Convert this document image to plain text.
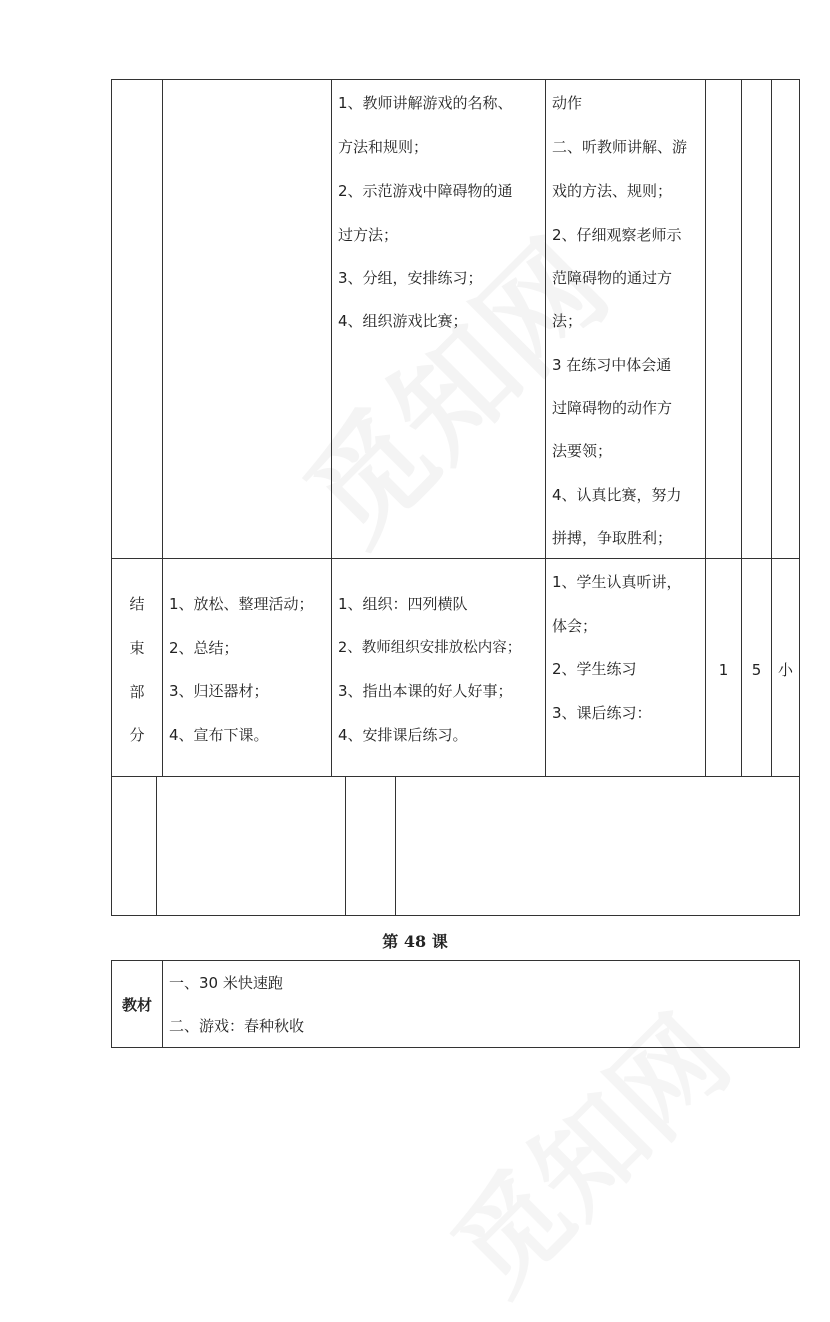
1、教师讲解游戏的名称、
方法和规则；
2、示范游戏中障碍物的通
过方法；
3、分组，安排练习；
4、组织游戏比赛；
动作
二、听教师讲解、游
戏的方法、规则；
2、仔细观察老师示
范障碍物的通过方
法；
3 在练习中体会通
过障碍物的动作方
法要领；
4、认真比赛，努力
拼搏，争取胜利；
结
束
部
分
1、放松、整理活动；
2、总结；
3、归还器材；
4、宣布下课。
1、组织：四列横队
2、教师组织安排放松内容；
3、指出本课的好人好事；
4、安排课后练习。
1、学生认真听讲，
体会；
2、学生练习
3、课后练习：
1	5	小
第 48 课
教材
一、30 米快速跑
二、游戏：春种秋收
